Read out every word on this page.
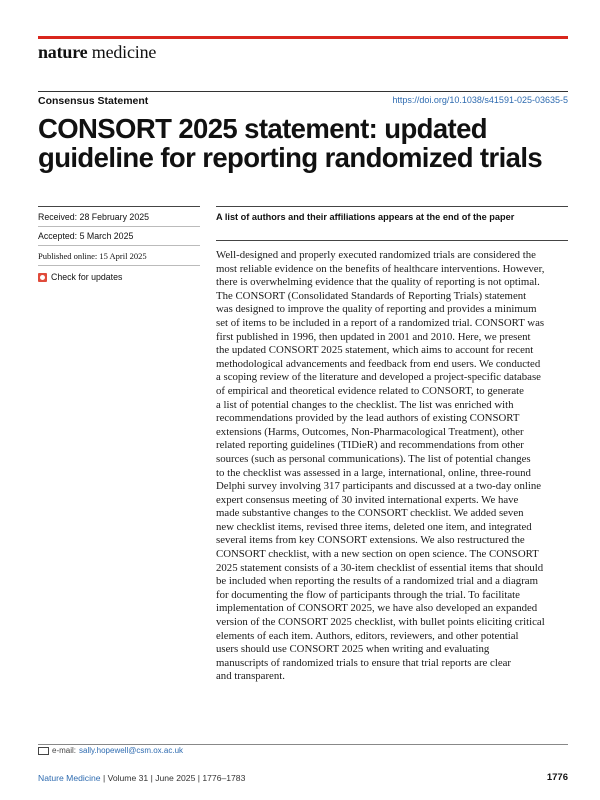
nature medicine
Consensus Statement	https://doi.org/10.1038/s41591-025-03635-5
CONSORT 2025 statement: updated
guideline for reporting randomized trials
Received: 28 February 2025
Accepted: 5 March 2025
Published online: 15 April 2025
Check for updates
A list of authors and their affiliations appears at the end of the paper

Well-designed and properly executed randomized trials are considered the
most reliable evidence on the benefits of healthcare interventions. However,
there is overwhelming evidence that the quality of reporting is not optimal.
The CONSORT (Consolidated Standards of Reporting Trials) statement
was designed to improve the quality of reporting and provides a minimum
set of items to be included in a report of a randomized trial. CONSORT was
first published in 1996, then updated in 2001 and 2010. Here, we present
the updated CONSORT 2025 statement, which aims to account for recent
methodological advancements and feedback from end users. We conducted
a scoping review of the literature and developed a project-specific database
of empirical and theoretical evidence related to CONSORT, to generate
a list of potential changes to the checklist. The list was enriched with
recommendations provided by the lead authors of existing CONSORT
extensions (Harms, Outcomes, Non-Pharmacological Treatment), other
related reporting guidelines (TIDieR) and recommendations from other
sources (such as personal communications). The list of potential changes
to the checklist was assessed in a large, international, online, three-round
Delphi survey involving 317 participants and discussed at a two-day online
expert consensus meeting of 30 invited international experts. We have
made substantive changes to the CONSORT checklist. We added seven
new checklist items, revised three items, deleted one item, and integrated
several items from key CONSORT extensions. We also restructured the
CONSORT checklist, with a new section on open science. The CONSORT
2025 statement consists of a 30-item checklist of essential items that should
be included when reporting the results of a randomized trial and a diagram
for documenting the flow of participants through the trial. To facilitate
implementation of CONSORT 2025, we have also developed an expanded
version of the CONSORT 2025 checklist, with bullet points eliciting critical
elements of each item. Authors, editors, reviewers, and other potential
users should use CONSORT 2025 when writing and evaluating
manuscripts of randomized trials to ensure that trial reports are clear
and transparent.

e-mail: sally.hopewell@csm.ox.ac.uk
Nature Medicine | Volume 31 | June 2025 | 1776–1783	1776
